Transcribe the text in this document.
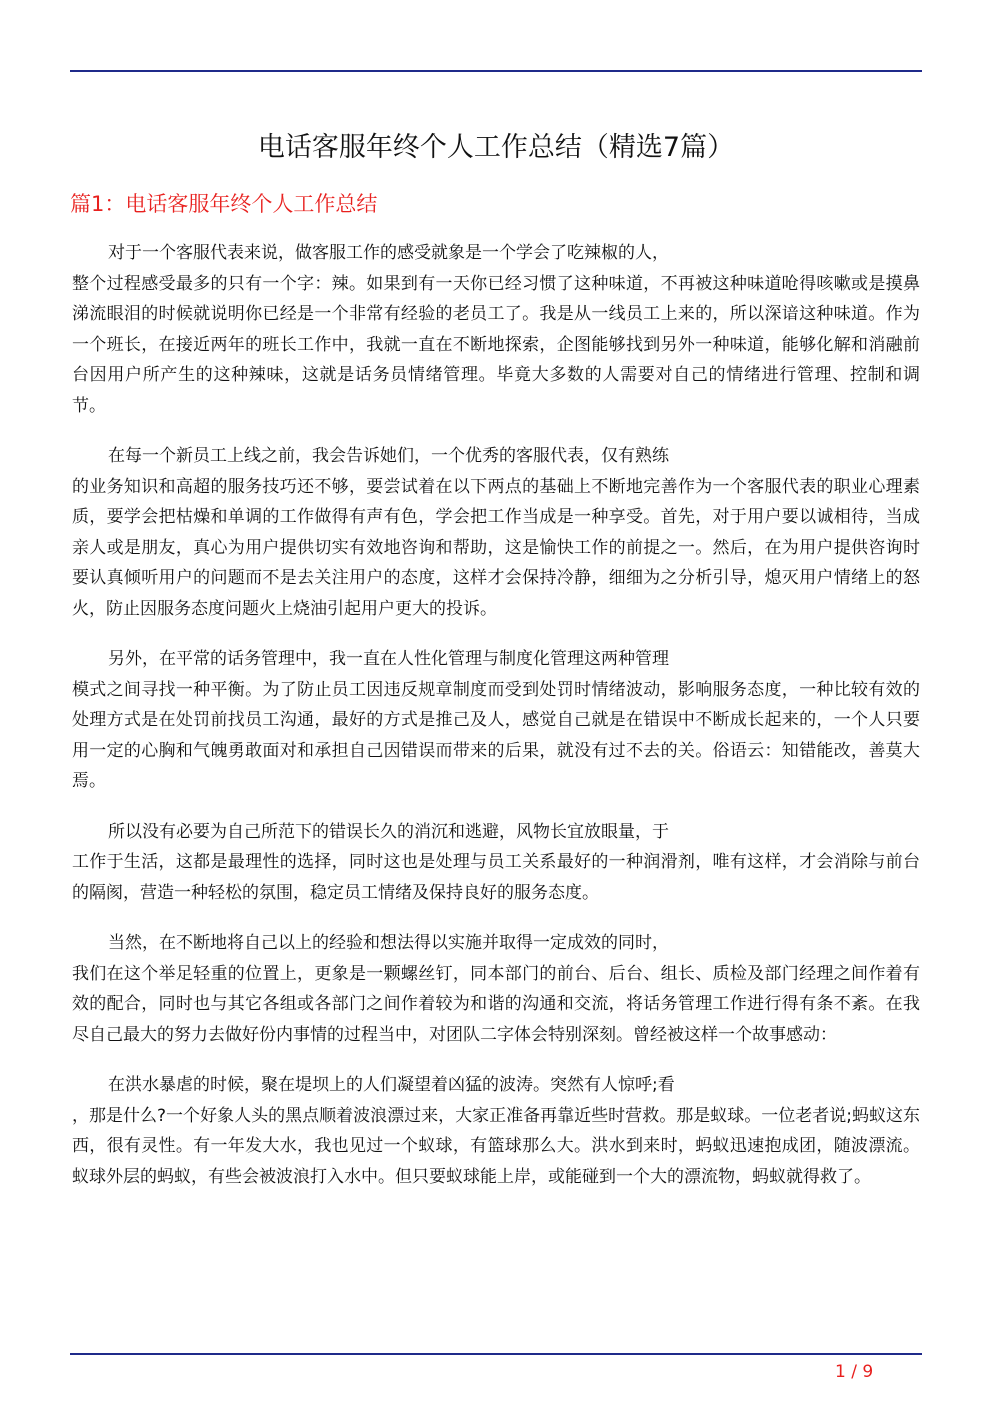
电话客服年终个人工作总结（精选7篇）
篇1：电话客服年终个人工作总结

对于一个客服代表来说，做客服工作的感受就象是一个学会了吃辣椒的人，
整个过程感受最多的只有一个字：辣。如果到有一天你已经习惯了这种味道，不再被这种味道呛得咳嗽或是摸鼻涕流眼泪的时候就说明你已经是一个非常有经验的老员工了。我是从一线员工上来的，所以深谙这种味道。作为一个班长，在接近两年的班长工作中，我就一直在不断地探索，企图能够找到另外一种味道，能够化解和消融前台因用户所产生的这种辣味，这就是话务员情绪管理。毕竟大多数的人需要对自己的情绪进行管理、控制和调节。

在每一个新员工上线之前，我会告诉她们，一个优秀的客服代表，仅有熟练
的业务知识和高超的服务技巧还不够，要尝试着在以下两点的基础上不断地完善作为一个客服代表的职业心理素质，要学会把枯燥和单调的工作做得有声有色，学会把工作当成是一种享受。首先，对于用户要以诚相待，当成亲人或是朋友，真心为用户提供切实有效地咨询和帮助，这是愉快工作的前提之一。然后，在为用户提供咨询时要认真倾听用户的问题而不是去关注用户的态度，这样才会保持冷静，细细为之分析引导，熄灭用户情绪上的怒火，防止因服务态度问题火上烧油引起用户更大的投诉。

另外，在平常的话务管理中，我一直在人性化管理与制度化管理这两种管理
模式之间寻找一种平衡。为了防止员工因违反规章制度而受到处罚时情绪波动，影响服务态度，一种比较有效的处理方式是在处罚前找员工沟通，最好的方式是推己及人，感觉自己就是在错误中不断成长起来的，一个人只要用一定的心胸和气魄勇敢面对和承担自己因错误而带来的后果，就没有过不去的关。俗语云：知错能改，善莫大焉。

所以没有必要为自己所范下的错误长久的消沉和逃避，风物长宜放眼量，于
工作于生活，这都是最理性的选择，同时这也是处理与员工关系最好的一种润滑剂，唯有这样，才会消除与前台的隔阂，营造一种轻松的氛围，稳定员工情绪及保持良好的服务态度。

当然，在不断地将自己以上的经验和想法得以实施并取得一定成效的同时，
我们在这个举足轻重的位置上，更象是一颗螺丝钉，同本部门的前台、后台、组长、质检及部门经理之间作着有效的配合，同时也与其它各组或各部门之间作着较为和谐的沟通和交流，将话务管理工作进行得有条不紊。在我尽自己最大的努力去做好份内事情的过程当中，对团队二字体会特别深刻。曾经被这样一个故事感动：

在洪水暴虐的时候，聚在堤坝上的人们凝望着凶猛的波涛。突然有人惊呼;看
，那是什么?一个好象人头的黑点顺着波浪漂过来，大家正准备再靠近些时营救。那是蚁球。一位老者说;蚂蚁这东西，很有灵性。有一年发大水，我也见过一个蚁球，有篮球那么大。洪水到来时，蚂蚁迅速抱成团，随波漂流。蚁球外层的蚂蚁，有些会被波浪打入水中。但只要蚁球能上岸，或能碰到一个大的漂流物，蚂蚁就得救了。

1 / 9
